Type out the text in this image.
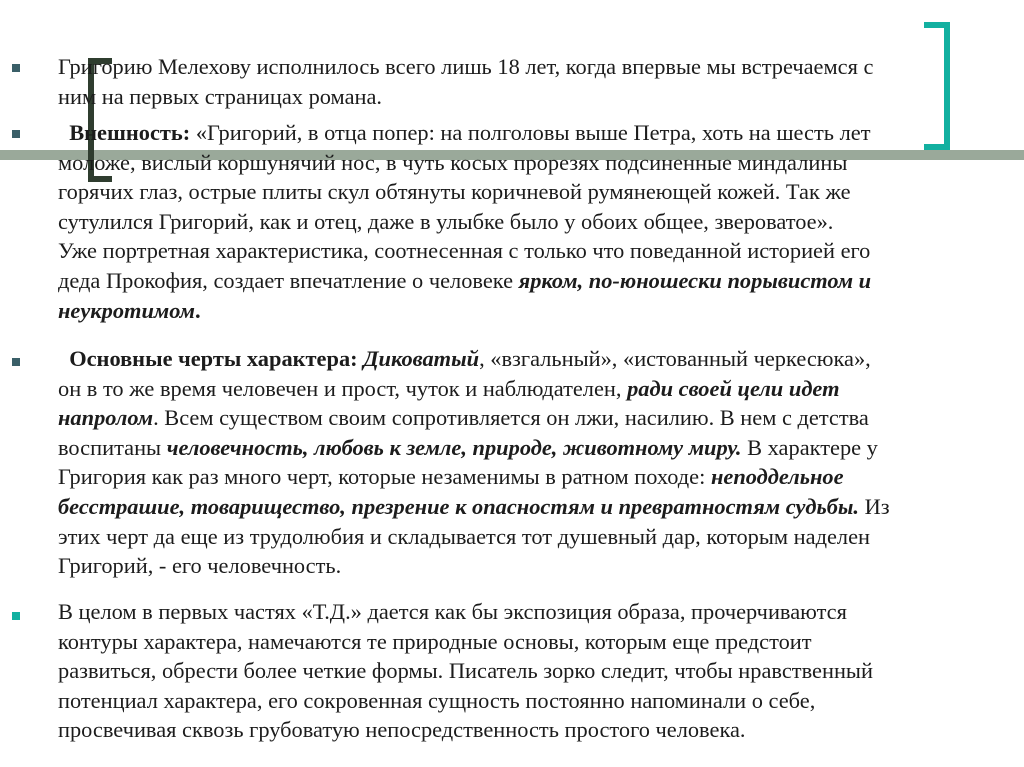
Григорию Мелехову исполнилось всего лишь 18 лет, когда впервые мы встречаемся с
ним на первых страницах романа.
Внешность: «Григорий, в отца попер: на полголовы выше Петра, хоть на шесть лет
моложе, вислый коршунячий нос, в чуть косых прорезях подсиненные миндалины
горячих глаз, острые плиты скул обтянуты коричневой румянеющей кожей. Так же
сутулился Григорий, как и отец, даже в улыбке было у обоих общее, звероватое».
Уже портретная характеристика, соотнесенная с только что поведанной историей его
деда Прокофия, создает впечатление о человеке ярком, по-юношески порывистом и
неукротимом.
Основные черты характера: Диковатый, «взгальный», «истованный черкесюка»,
он в то же время человечен и прост, чуток и наблюдателен, ради своей цели идет
напролом. Всем существом своим сопротивляется он лжи, насилию. В нем с детства
воспитаны человечность, любовь к земле, природе, животному миру. В характере у
Григория как раз много черт, которые незаменимы в ратном походе: неподдельное
бесстрашие, товарищество, презрение к опасностям и превратностям судьбы. Из
этих черт да еще из трудолюбия и складывается тот душевный дар, которым наделен
Григорий, - его человечность.
В целом в первых частях «Т.Д.» дается как бы экспозиция образа, прочерчиваются
контуры характера, намечаются те природные основы, которым еще предстоит
развиться, обрести более четкие формы. Писатель зорко следит, чтобы нравственный
потенциал характера, его сокровенная сущность постоянно напоминали о себе,
просвечивая сквозь грубоватую непосредственность простого человека.
